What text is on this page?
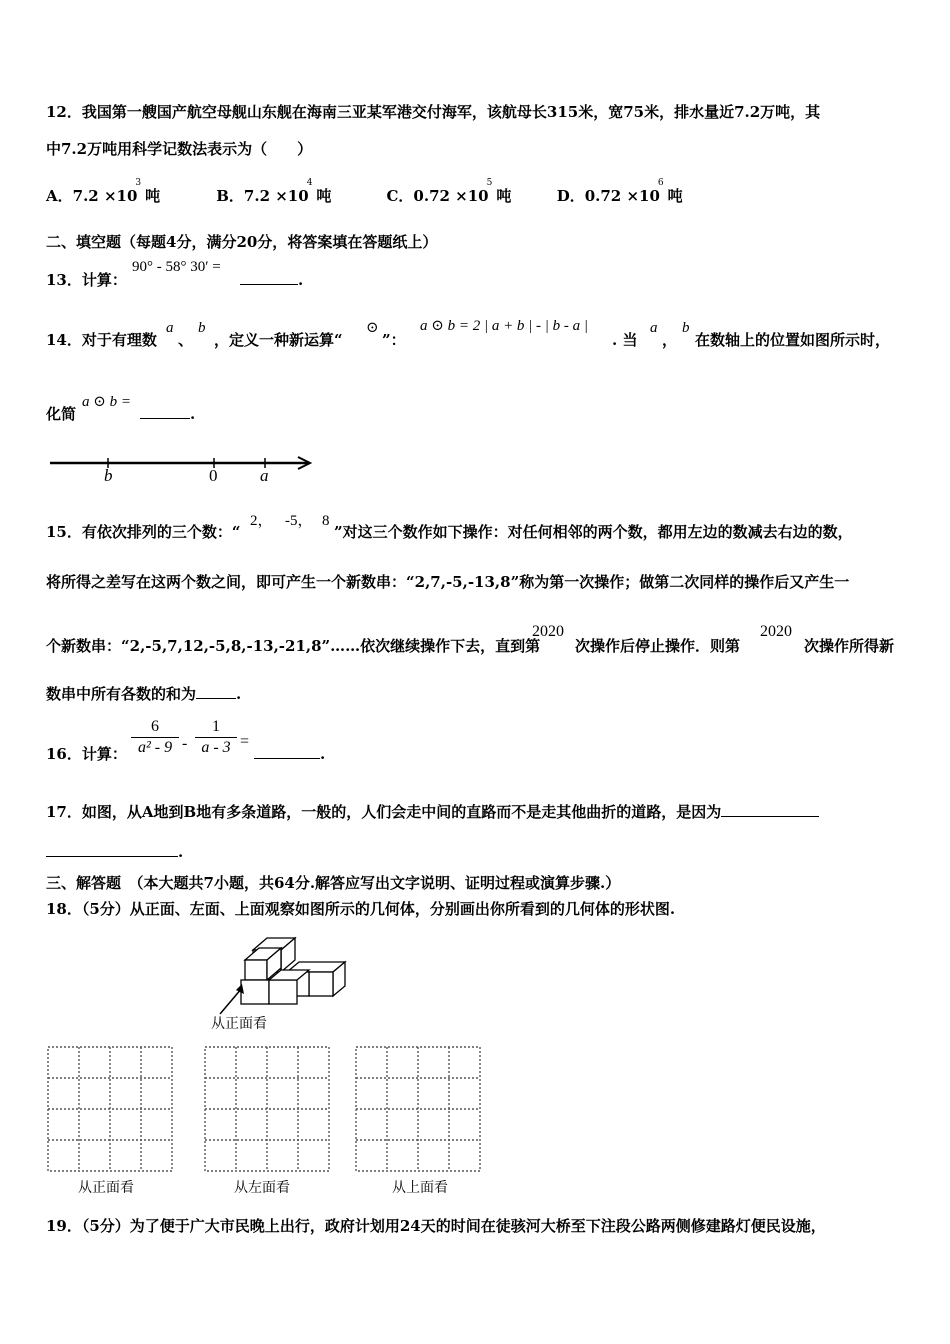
12．我国第一艘国产航空母舰山东舰在海南三亚某军港交付海军，该航母长315米，宽75米，排水量近7.2万吨，其
中7.2万吨用科学记数法表示为（　　）
A．$7.2 \times 10^3$吨	B．$7.2 \times 10^4$吨	C．$0.72 \times 10^5$吨	D．$0.72 \times 10^6$吨
二、填空题（每题4分，满分20分，将答案填在答题纸上）
13．计算：
90° - 58° 30′ =
.
14．对于有理数
a
、
b
，定义一种新运算“
⊙
”：
a ⊙ b = 2 | a + b | - | b - a |
. 当
a
，
b
在数轴上的位置如图所示时，
化简
a ⊙ b =
.
b	0	a
15．有依次排列的三个数：“
2， -5， 8
”对这三个数作如下操作：对任何相邻的两个数，都用左边的数减去右边的数，
将所得之差写在这两个数之间，即可产生一个新数串：“2,7,-5,-13,8”称为第一次操作；做第二次同样的操作后又产生一
个新数串：“2,-5,7,12,-5,8,-13,-21,8”……依次继续操作下去，直到第
2020
次操作后停止操作．则第
2020
次操作所得新
数串中所有各数的和为	.
16．计算：
6
a² - 9 -
1
a - 3 =
.
17．如图，从A地到B地有多条道路，一般的，人们会走中间的直路而不是走其他曲折的道路，是因为
.
三、解答题　（本大题共7小题，共64分.解答应写出文字说明、证明过程或演算步骤.）
18．（5分）从正面、左面、上面观察如图所示的几何体，分别画出你所看到的几何体的形状图.
从正面看
从正面看	从左面看	从上面看
19．（5分）为了便于广大市民晚上出行，政府计划用24天的时间在徒骇河大桥至下注段公路两侧修建路灯便民设施，
